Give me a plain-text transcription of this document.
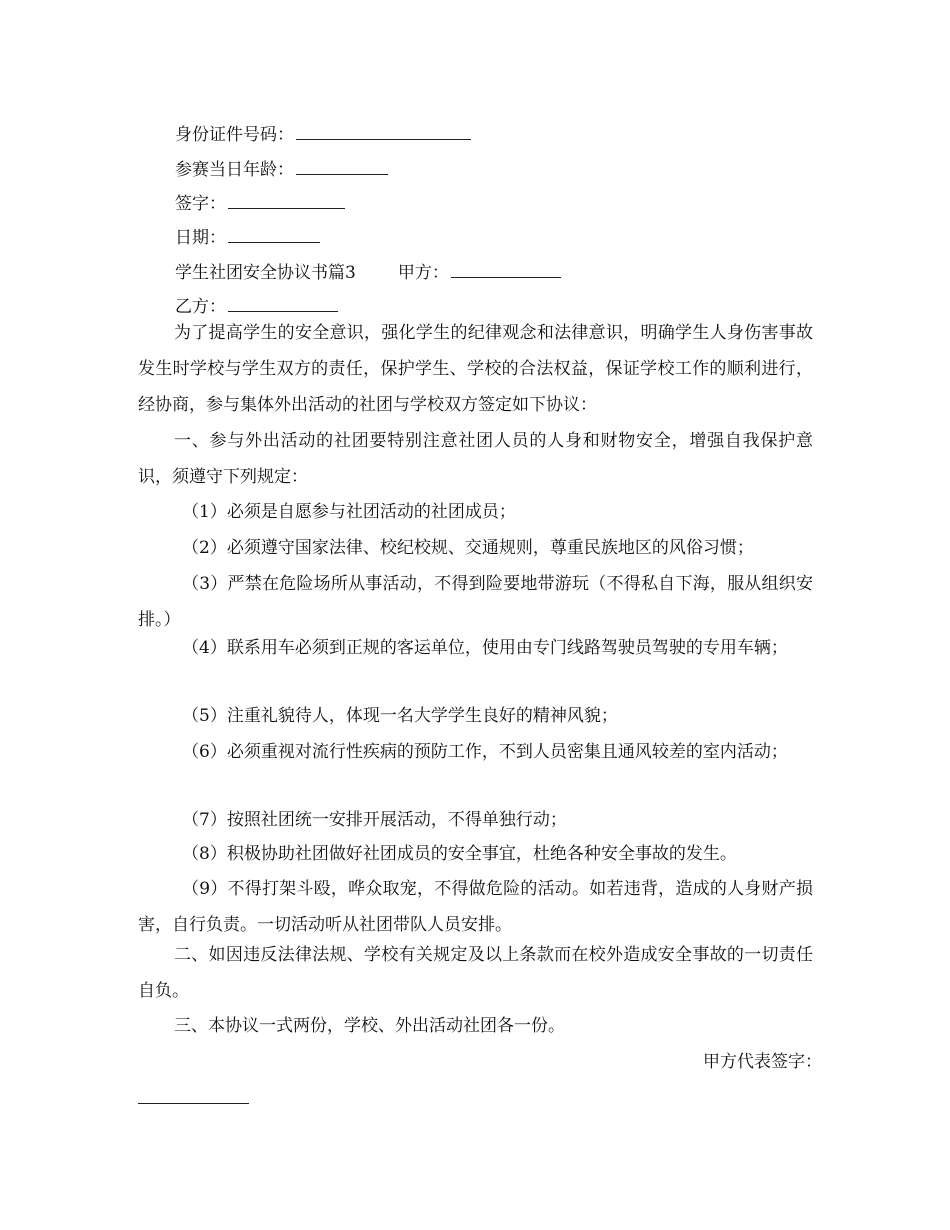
身份证件号码：
参赛当日年龄：
签字：
日期：
学生社团安全协议书篇3 甲方：
乙方：
为了提高学生的安全意识，强化学生的纪律观念和法律意识，明确学生人身伤害事故发生时学校与学生双方的责任，保护学生、学校的合法权益，保证学校工作的顺利进行，经协商，参与集体外出活动的社团与学校双方签定如下协议：
一、参与外出活动的社团要特别注意社团人员的人身和财物安全，增强自我保护意识，须遵守下列规定：
（1）必须是自愿参与社团活动的社团成员；
（2）必须遵守国家法律、校纪校规、交通规则，尊重民族地区的风俗习惯；
（3）严禁在危险场所从事活动，不得到险要地带游玩（不得私自下海，服从组织安排。）
（4）联系用车必须到正规的客运单位，使用由专门线路驾驶员驾驶的专用车辆；
（5）注重礼貌待人，体现一名大学学生良好的精神风貌；
（6）必须重视对流行性疾病的预防工作，不到人员密集且通风较差的室内活动；
（7）按照社团统一安排开展活动，不得单独行动；
（8）积极协助社团做好社团成员的安全事宜，杜绝各种安全事故的发生。
（9）不得打架斗殴，哗众取宠，不得做危险的活动。如若违背，造成的人身财产损害，自行负责。一切活动听从社团带队人员安排。
二、如因违反法律法规、学校有关规定及以上条款而在校外造成安全事故的一切责任自负。
三、本协议一式两份，学校、外出活动社团各一份。
甲方代表签字：
